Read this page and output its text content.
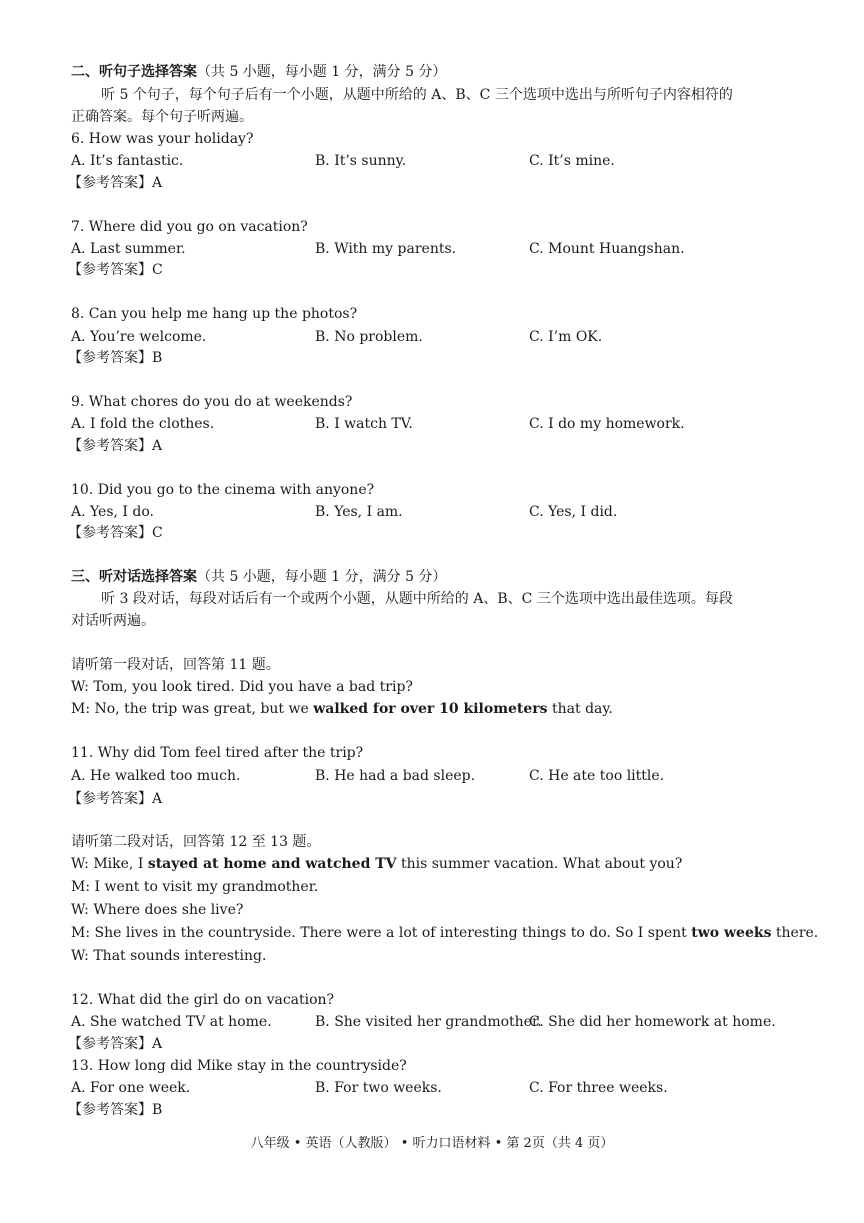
二、听句子选择答案（共 5 小题，每小题 1 分，满分 5 分）
听 5 个句子，每个句子后有一个小题，从题中所给的 A、B、C 三个选项中选出与所听句子内容相符的
正确答案。每个句子听两遍。
6. How was your holiday?
A. It’s fantastic.	B. It’s sunny.	C. It’s mine.
【参考答案】A
7. Where did you go on vacation?
A. Last summer.	B. With my parents.	C. Mount Huangshan.
【参考答案】C
8. Can you help me hang up the photos?
A. You’re welcome.	B. No problem.	C. I’m OK.
【参考答案】B
9. What chores do you do at weekends?
A. I fold the clothes.	B. I watch TV.	C. I do my homework.
【参考答案】A
10. Did you go to the cinema with anyone?
A. Yes, I do.	B. Yes, I am.	C. Yes, I did.
【参考答案】C
三、听对话选择答案（共 5 小题，每小题 1 分，满分 5 分）
听 3 段对话，每段对话后有一个或两个小题，从题中所给的 A、B、C 三个选项中选出最佳选项。每段
对话听两遍。
请听第一段对话，回答第 11 题。
W: Tom, you look tired. Did you have a bad trip?
M: No, the trip was great, but we walked for over 10 kilometers that day.
11. Why did Tom feel tired after the trip?
A. He walked too much.	B. He had a bad sleep.	C. He ate too little.
【参考答案】A
请听第二段对话，回答第 12 至 13 题。
W: Mike, I stayed at home and watched TV this summer vacation. What about you?
M: I went to visit my grandmother.
W: Where does she live?
M: She lives in the countryside. There were a lot of interesting things to do. So I spent two weeks there.
W: That sounds interesting.
12. What did the girl do on vacation?
A. She watched TV at home.	B. She visited her grandmother.
C. She did her homework at home.
【参考答案】A
13. How long did Mike stay in the countryside?
A. For one week.	B. For two weeks.	C. For three weeks.
【参考答案】B
八年级 • 英语（人教版） • 听力口语材料 • 第 2页（共 4 页）
